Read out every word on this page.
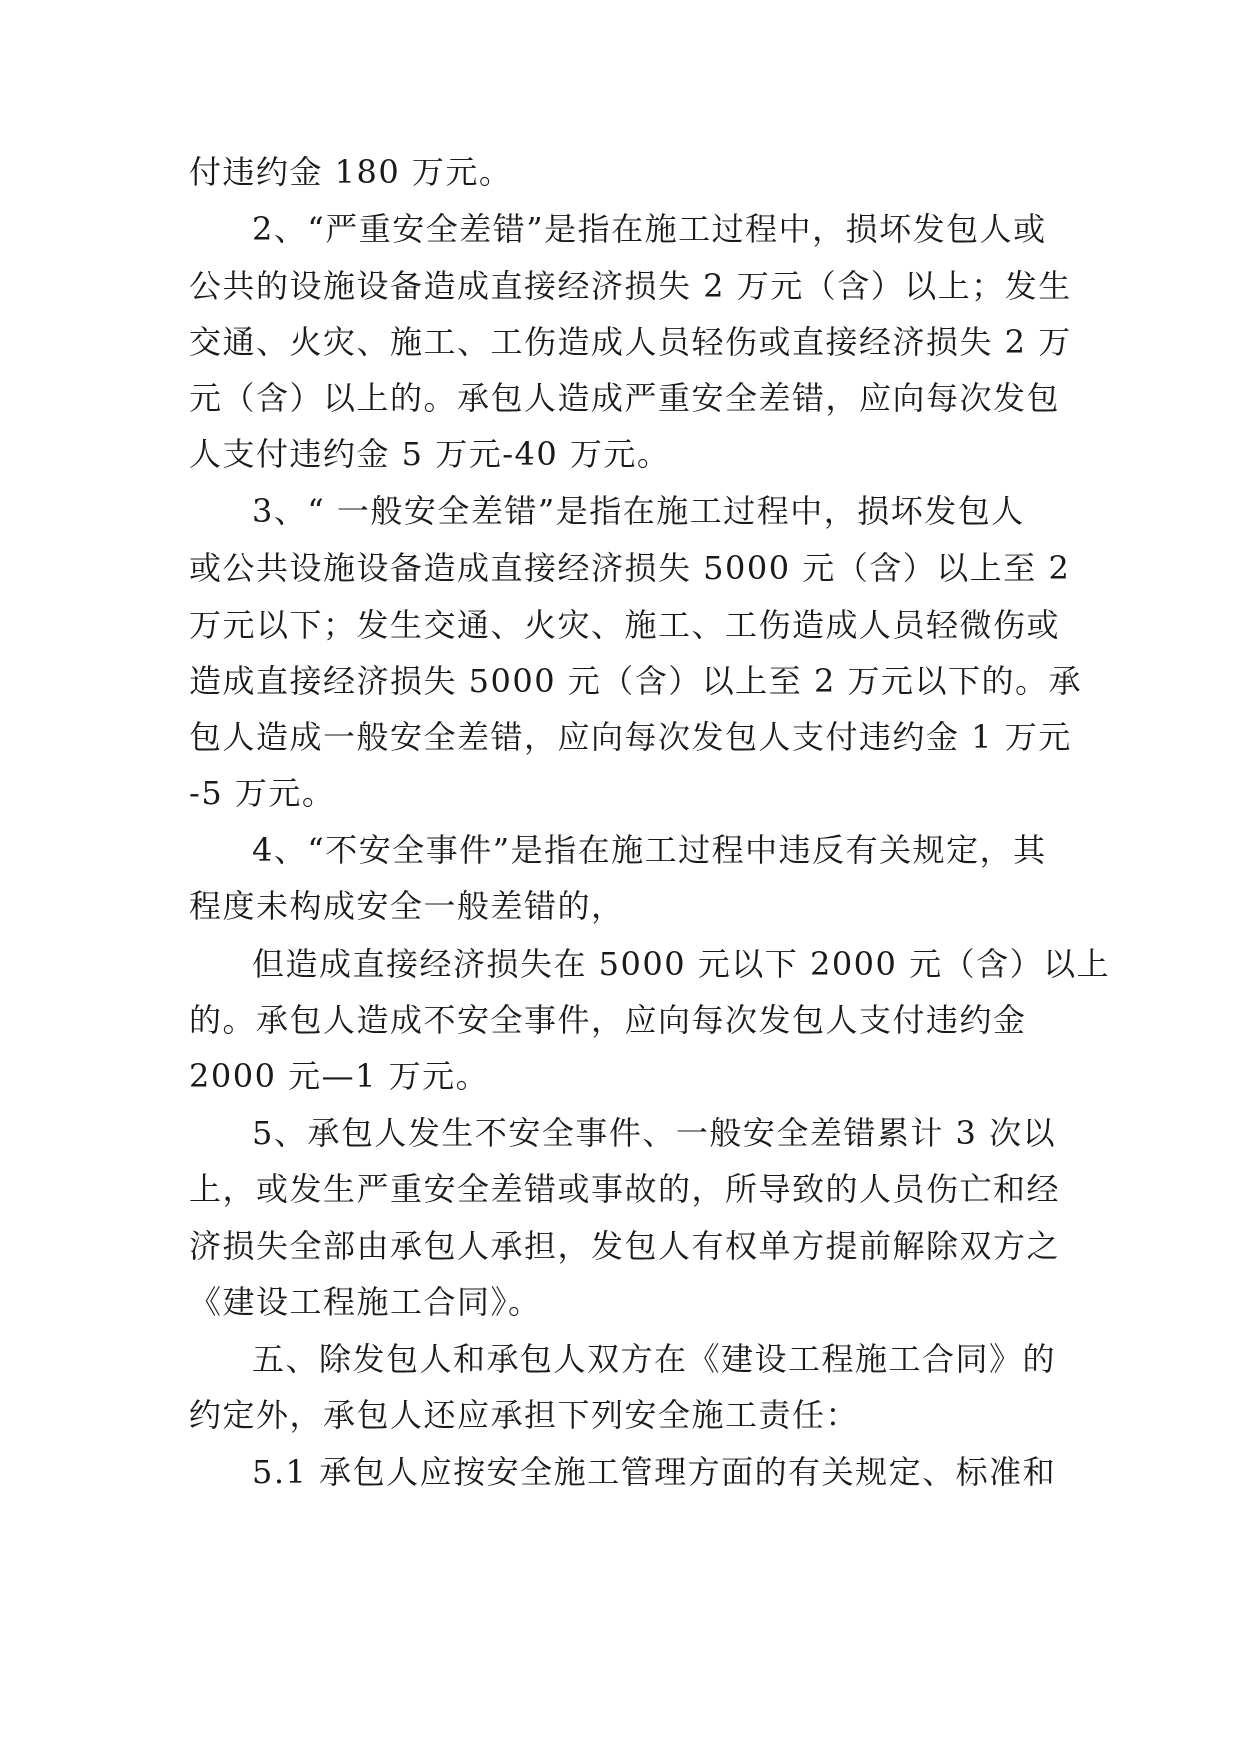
付违约金 180 万元。
2、“严重安全差错”是指在施工过程中，损坏发包人或
公共的设施设备造成直接经济损失 2 万元（含）以上；发生
交通、火灾、施工、工伤造成人员轻伤或直接经济损失 2 万
元（含）以上的。承包人造成严重安全差错，应向每次发包
人支付违约金 5 万元-40 万元。
3、“ 一般安全差错”是指在施工过程中，损坏发包人
或公共设施设备造成直接经济损失 5000 元（含）以上至 2
万元以下；发生交通、火灾、施工、工伤造成人员轻微伤或
造成直接经济损失 5000 元（含）以上至 2 万元以下的。承
包人造成一般安全差错，应向每次发包人支付违约金 1 万元
-5 万元。
4、“不安全事件”是指在施工过程中违反有关规定，其
程度未构成安全一般差错的，
但造成直接经济损失在 5000 元以下 2000 元（含）以上
的。承包人造成不安全事件，应向每次发包人支付违约金
2000 元—1 万元。
5、承包人发生不安全事件、一般安全差错累计 3 次以
上，或发生严重安全差错或事故的，所导致的人员伤亡和经
济损失全部由承包人承担，发包人有权单方提前解除双方之
《建设工程施工合同》。
五、除发包人和承包人双方在《建设工程施工合同》的
约定外，承包人还应承担下列安全施工责任：
5.1 承包人应按安全施工管理方面的有关规定、标准和
